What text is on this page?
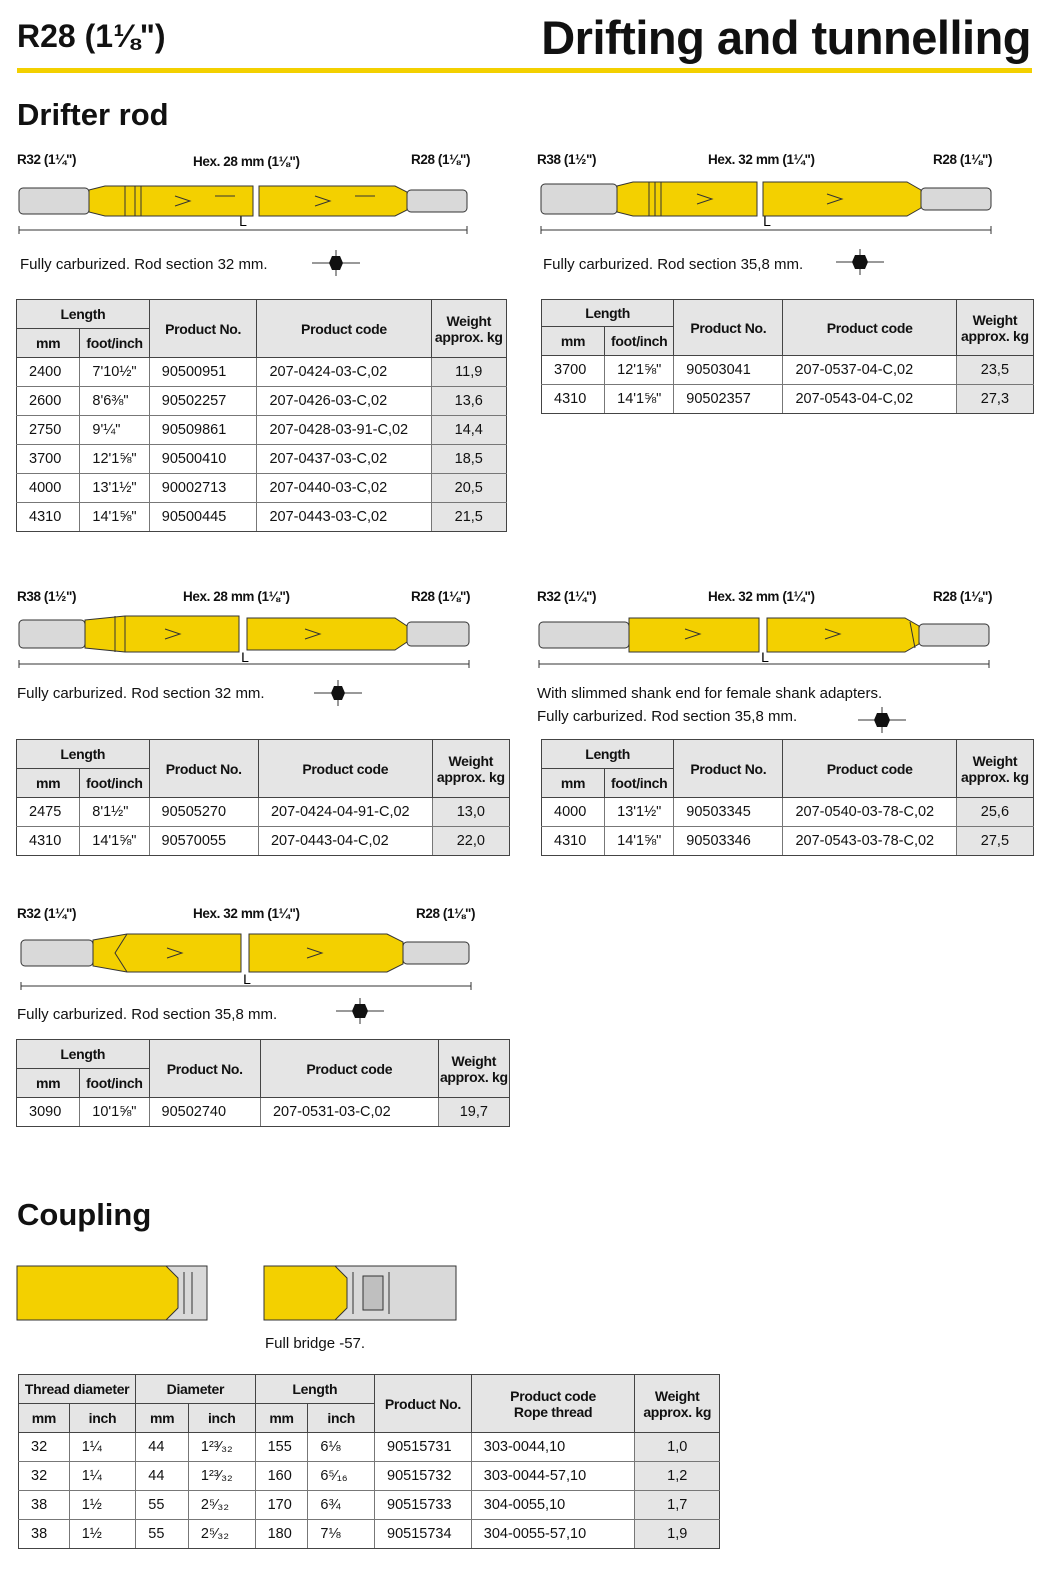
R28 (1⅛")	Drifting and tunnelling
Drifter rod
Coupling
R32 (1¼")	Hex. 28 mm (1⅛")	R28 (1⅛")
L
Fully carburized. Rod section 32 mm.
Length		Product No.	Product code	Weight
approx. kg
mm	foot/inch			
2400	7'10½"	90500951	207-0424-03-C,02	11,9
2600	8'6⅜"	90502257	207-0426-03-C,02	13,6
2750	9'¼"	90509861	207-0428-03-91-C,02	14,4
3700	12'1⅝"	90500410	207-0437-03-C,02	18,5
4000	13'1½"	90002713	207-0440-03-C,02	20,5
4310	14'1⅝"	90500445	207-0443-03-C,02	21,5
R38 (1½")	Hex. 32 mm (1¼")	R28 (1⅛")
L
Fully carburized. Rod section 35,8 mm.
Length		Product No.	Product code	Weight
approx. kg
mm	foot/inch			
3700	12'1⅝"	90503041	207-0537-04-C,02	23,5
4310	14'1⅝"	90502357	207-0543-04-C,02	27,3
R38 (1½")	Hex. 28 mm (1⅛")	R28 (1⅛")
L
Fully carburized. Rod section 32 mm.
Length		Product No.	Product code	Weight
approx. kg
mm	foot/inch			
2475	8'1½"	90505270	207-0424-04-91-C,02	13,0
4310	14'1⅝"	90570055	207-0443-04-C,02	22,0
R32 (1¼")	Hex. 32 mm (1¼")	R28 (1⅛")
L
With slimmed shank end for female shank adapters.
Fully carburized. Rod section 35,8 mm.
Length		Product No.	Product code	Weight
approx. kg
mm	foot/inch			
4000	13'1½"	90503345	207-0540-03-78-C,02	25,6
4310	14'1⅝"	90503346	207-0543-03-78-C,02	27,5
R32 (1¼")	Hex. 32 mm (1¼")	R28 (1⅛")
L
Fully carburized. Rod section 35,8 mm.
Length		Product No.	Product code	Weight
approx. kg
mm	foot/inch			
3090	10'1⅝"	90502740	207-0531-03-C,02	19,7
Full bridge -57.
Thread diameter		Diameter		Length		Product No.	Product code
Rope thread	Weight
approx. kg
mm	inch	mm	inch	mm	inch			
32	1¼	44	1²³⁄₃₂	155	6⅛	90515731	303-0044,10	1,0
32	1¼	44	1²³⁄₃₂	160	6⁵⁄₁₆	90515732	303-0044-57,10	1,2
38	1½	55	2⁵⁄₃₂	170	6¾	90515733	304-0055,10	1,7
38	1½	55	2⁵⁄₃₂	180	7⅛	90515734	304-0055-57,10	1,9
